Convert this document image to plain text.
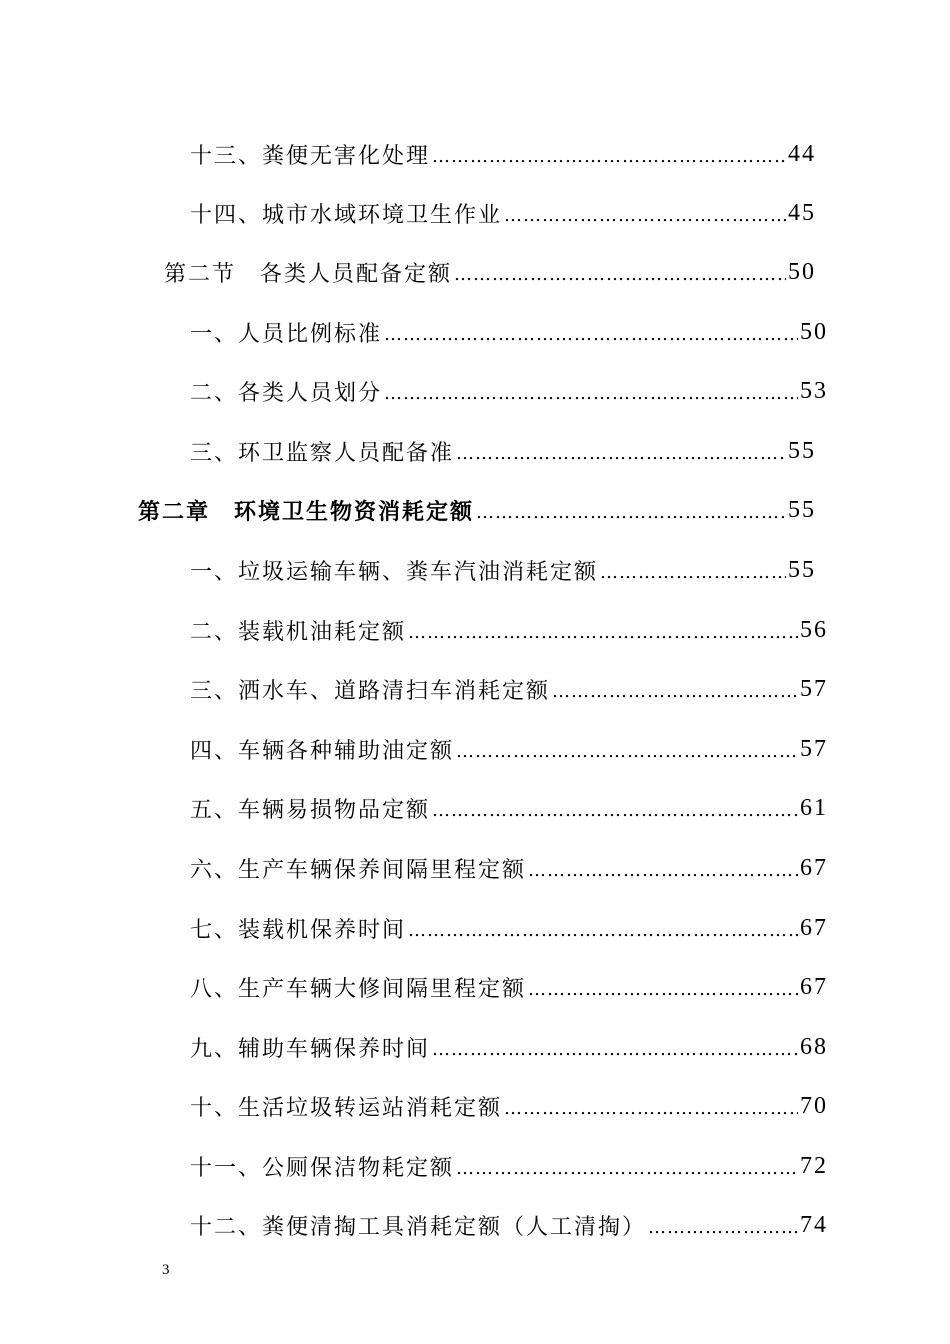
十三、粪便无害化处理 ……………………………………………………………………………………………………………………………	44
十四、城市水域环境卫生作业 ……………………………………………………………………………………………………………………………	45
第二节　各类人员配备定额 ……………………………………………………………………………………………………………………………	50
一、人员比例标准 ……………………………………………………………………………………………………………………………	50
二、各类人员划分 ……………………………………………………………………………………………………………………………	53
三、环卫监察人员配备准 ……………………………………………………………………………………………………………………………	55
第二章　环境卫生物资消耗定额 ……………………………………………………………………………………………………………………………	55
一、垃圾运输车辆、粪车汽油消耗定额 ……………………………………………………………………………………………………………………………	55
二、装载机油耗定额 ……………………………………………………………………………………………………………………………	56
三、洒水车、道路清扫车消耗定额 ……………………………………………………………………………………………………………………………	57
四、车辆各种辅助油定额 ……………………………………………………………………………………………………………………………	57
五、车辆易损物品定额 ……………………………………………………………………………………………………………………………	61
六、生产车辆保养间隔里程定额 ……………………………………………………………………………………………………………………………	67
七、装载机保养时间 ……………………………………………………………………………………………………………………………	67
八、生产车辆大修间隔里程定额 ……………………………………………………………………………………………………………………………	67
九、辅助车辆保养时间 ……………………………………………………………………………………………………………………………	68
十、生活垃圾转运站消耗定额 ……………………………………………………………………………………………………………………………	70
十一、公厕保洁物耗定额 ……………………………………………………………………………………………………………………………	72
十二、粪便清掏工具消耗定额（人工清掏） ……………………………………………………………………………………………………………………………	74
3
